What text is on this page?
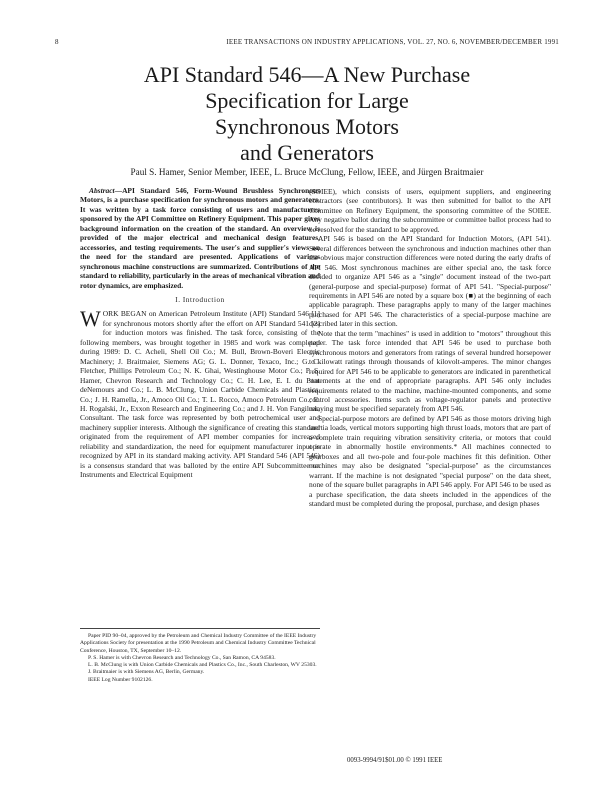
8	IEEE TRANSACTIONS ON INDUSTRY APPLICATIONS, VOL. 27, NO. 6, NOVEMBER/DECEMBER 1991
API Standard 546—A New Purchase
Specification for Large
Synchronous Motors
and Generators
Paul S. Hamer, Senior Member, IEEE, L. Bruce McClung, Fellow, IEEE, and Jürgen Braitmaier

Abstract—API Standard 546, Form-Wound Brushless Synchronous Motors, is a purchase specification for synchronous motors and generators. It was written by a task force consisting of users and manufacturers sponsored by the API Committee on Refinery Equipment. This paper gives background information on the creation of the standard. An overview is provided of the major electrical and mechanical design features, accessories, and testing requirements. The user's and supplier's views on the need for the standard are presented. Applications of various synchronous machine constructions are summarized. Contributions of the standard to reliability, particularly in the areas of mechanical vibration and rotor dynamics, are emphasized.

I. Introduction

WORK BEGAN on American Petroleum Institute (API) Standard 546 [1] for synchronous motors shortly after the effort on API Standard 541 [2] for induction motors was finished. The task force, consisting of the following members, was brought together in 1985 and work was completed during 1989: D. C. Acheli, Shell Oil Co.; M. Bull, Brown-Boveri Electric Machinery; J. Braitmaier, Siemens AG; G. L. Donner, Texaco, Inc.; G. C. Fletcher, Phillips Petroleum Co.; N. K. Ghai, Westinghouse Motor Co.; P. S. Hamer, Chevron Research and Technology Co.; C. H. Lee, E. I. du Pont deNemours and Co.; L. B. McClung, Union Carbide Chemicals and Plastics, Co.; J. H. Ramella, Jr., Amoco Oil Co.; T. L. Rocco, Amoco Petroleum Co.; E. H. Rogalski, Jr., Exxon Research and Engineering Co.; and J. H. Von Fangiluar, Consultant. The task force was represented by both petrochemical user and machinery supplier interests. Although the significance of creating this standard originated from the requirement of API member companies for increased reliability and standardization, the need for equipment manufacturer input is recognized by API in its standard making activity. API Standard 546 (API 546) is a consensus standard that was balloted by the entire API Subcommittee on Instruments and Electrical Equipment

(SOIEE), which consists of users, equipment suppliers, and engineering contractors (see contributors). It was then submitted for ballot to the API Committee on Refinery Equipment, the sponsoring committee of the SOIEE. Any negative ballot during the subcommittee or committee ballot process had to be resolved for the standard to be approved.

API 546 is based on the API Standard for Induction Motors, (API 541). Several differences between the synchronous and induction machines other than the obvious major construction differences were noted during the early drafts of API 546. Most synchronous machines are either special ano, the task force decided to organize API 546 as a "single" document instead of the two-part (general-purpose and special-purpose) format of API 541. "Special-purpose" requirements in API 546 are noted by a square box (■) at the beginning of each applicable paragraph. These paragraphs apply to many of the larger machines purchased for API 546. The characteristics of a special-purpose machine are described later in this section.

Note that the term "machines" is used in addition to "motors" throughout this paper. The task force intended that API 546 be used to purchase both synchronous motors and generators from ratings of several hundred horsepower to kilowatt ratings through thousands of kilovolt-amperes. The minor changes required for API 546 to be applicable to generators are indicated in parenthetical statements at the end of appropriate paragraphs. API 546 only includes requirements related to the machine, machine-mounted components, and some control accessories. Items such as voltage-regulator panels and protective relaying must be specified separately from API 546.

Special-purpose motors are defined by API 546 as those motors driving high inertia loads, vertical motors supporting high thrust loads, motors that are part of a complete train requiring vibration sensitivity criteria, or motors that could operate in abnormally hostile environments.* All machines connected to gearboxes and all two-pole and four-pole machines fit this definition. Other machines may also be designated "special-purpose" as the circumstances warrant. If the machine is not designated "special purpose" on the data sheet, none of the square bullet paragraphs in API 546 apply. For API 546 to be used as a purchase specification, the data sheets included in the appendices of the standard must be completed during the proposal, purchase, and design phases

Paper PID 90–04, approved by the Petroleum and Chemical Industry Committee of the IEEE Industry Applications Society for presentation at the 1990 Petroleum and Chemical Industry Committee Technical Conference, Houston, TX, September 10–12.

P. S. Hamer is with Chevron Research and Technology Co., San Ramon, CA 94583.

L. B. McClung is with Union Carbide Chemicals and Plastics Co., Inc., South Charleston, WV 25303.

J. Braitmaier is with Siemens AG, Berlin, Germany.

IEEE Log Number 9102126.

0093-9994/91$01.00 © 1991 IEEE
